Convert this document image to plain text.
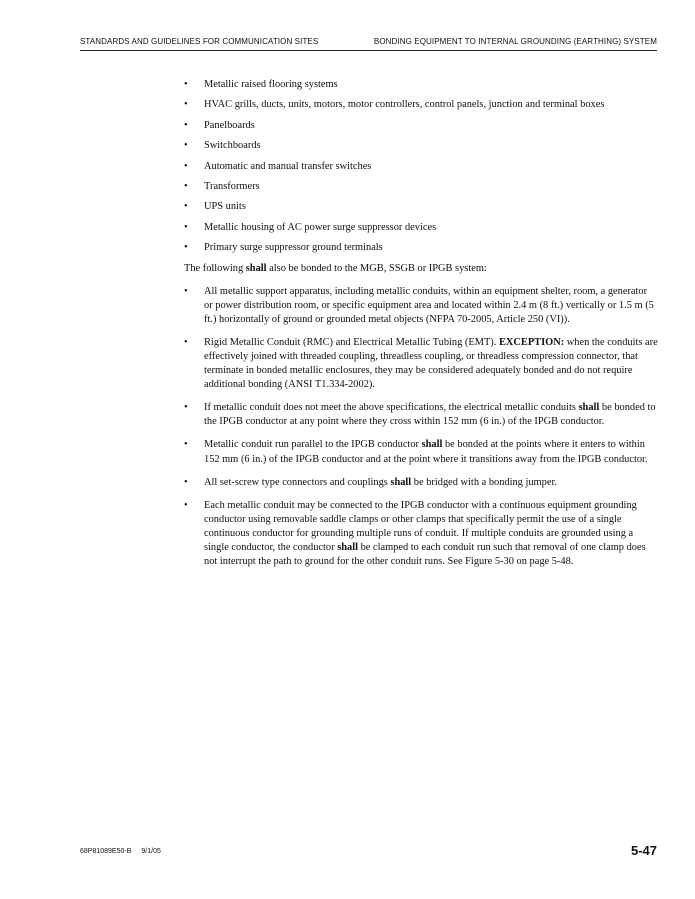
STANDARDS AND GUIDELINES FOR COMMUNICATION SITES	BONDING EQUIPMENT TO INTERNAL GROUNDING (EARTHING) SYSTEM
• Metallic raised flooring systems
• HVAC grills, ducts, units, motors, motor controllers, control panels, junction and terminal boxes
• Panelboards
• Switchboards
• Automatic and manual transfer switches
• Transformers
• UPS units
• Metallic housing of AC power surge suppressor devices
• Primary surge suppressor ground terminals

The following shall also be bonded to the MGB, SSGB or IPGB system:

• All metallic support apparatus, including metallic conduits, within an equipment shelter, room, a generator or power distribution room, or specific equipment area and located within 2.4 m (8 ft.) vertically or 1.5 m (5 ft.) horizontally of ground or grounded metal objects (NFPA 70-2005, Article 250 (VI)).
• Rigid Metallic Conduit (RMC) and Electrical Metallic Tubing (EMT). EXCEPTION: when the conduits are effectively joined with threaded coupling, threadless coupling, or threadless compression connector, that terminate in bonded metallic enclosures, they may be considered adequately bonded and do not require additional bonding (ANSI T1.334-2002).
• If metallic conduit does not meet the above specifications, the electrical metallic conduits shall be bonded to the IPGB conductor at any point where they cross within 152 mm (6 in.) of the IPGB conductor.
• Metallic conduit run parallel to the IPGB conductor shall be bonded at the points where it enters to within 152 mm (6 in.) of the IPGB conductor and at the point where it transitions away from the IPGB conductor.
• All set-screw type connectors and couplings shall be bridged with a bonding jumper.
• Each metallic conduit may be connected to the IPGB conductor with a continuous equipment grounding conductor using removable saddle clamps or other clamps that specifically permit the use of a single continuous conductor for grounding multiple runs of conduit. If multiple conduits are grounded using a single conductor, the conductor shall be clamped to each conduit run such that removal of one clamp does not interrupt the path to ground for the other conduit runs. See Figure 5-30 on page 5-48.
68P81089E50-B 9/1/05	5-47
